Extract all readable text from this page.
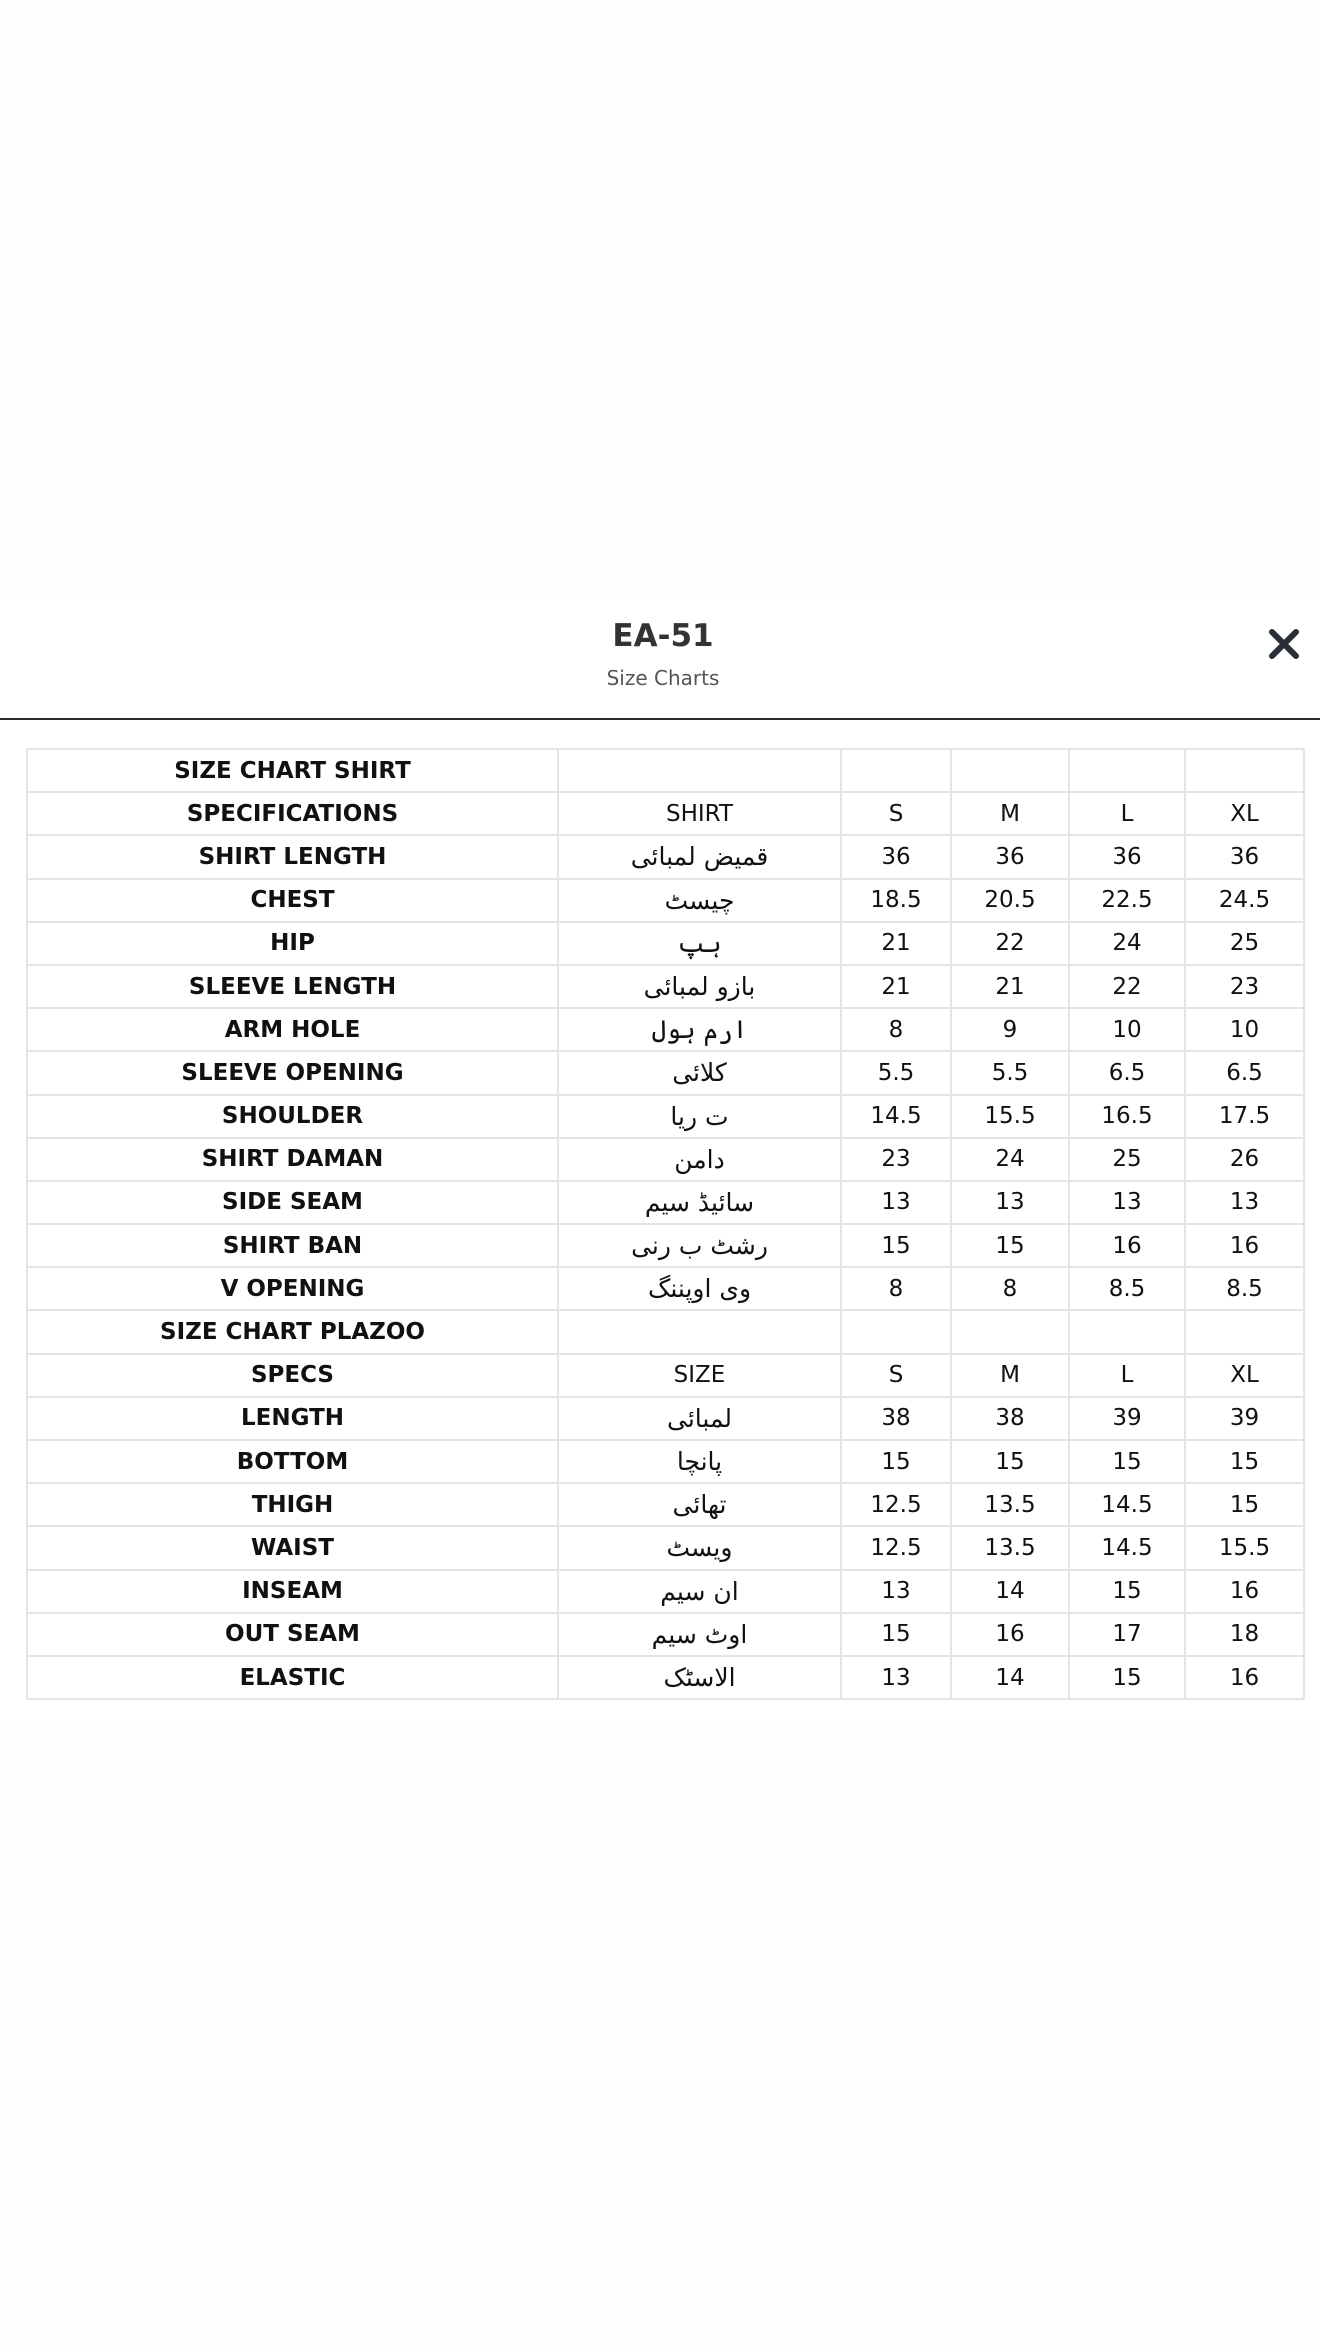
EA-51
Size Charts
SIZE CHART SHIRT					
SPECIFICATIONS	SHIRT	S	M	L	XL
SHIRT LENGTH	قمیض لمبائی	36	36	36	36
CHEST	چیسٹ	18.5	20.5	22.5	24.5
HIP	ہپ	21	22	24	25
SLEEVE LENGTH	بازو لمبائی	21	21	22	23
ARM HOLE	ارم ہول	8	9	10	10
SLEEVE OPENING	کلائی	5.5	5.5	6.5	6.5
SHOULDER	ت ریا	14.5	15.5	16.5	17.5
SHIRT DAMAN	دامن	23	24	25	26
SIDE SEAM	سائیڈ سیم	13	13	13	13
SHIRT BAN	رشٹ ب رنی	15	15	16	16
V OPENING	وی اوپننگ	8	8	8.5	8.5
SIZE CHART PLAZOO					
SPECS	SIZE	S	M	L	XL
LENGTH	لمبائی	38	38	39	39
BOTTOM	پانچا	15	15	15	15
THIGH	تھائی	12.5	13.5	14.5	15
WAIST	ویسٹ	12.5	13.5	14.5	15.5
INSEAM	ان سیم	13	14	15	16
OUT SEAM	اوٹ سیم	15	16	17	18
ELASTIC	الاسٹک	13	14	15	16
